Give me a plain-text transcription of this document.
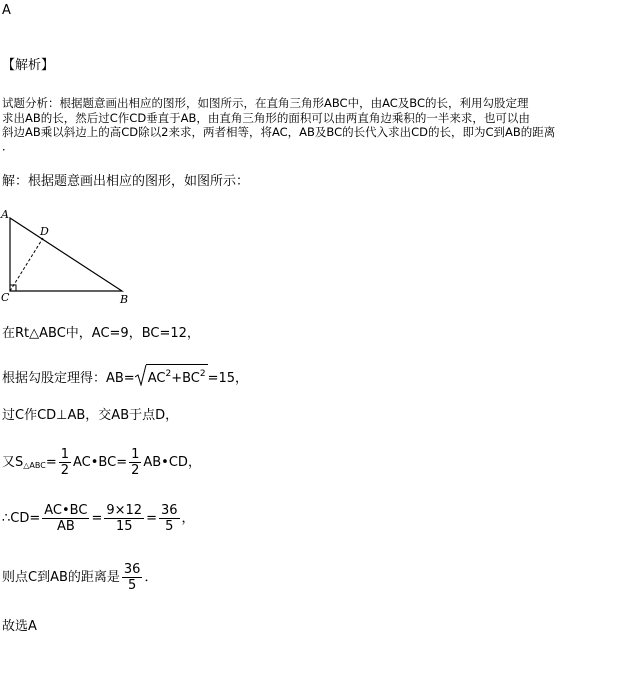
A
【解析】
试题分析：根据题意画出相应的图形，如图所示，在直角三角形ABC中，由AC及BC的长，利用勾股定理
求出AB的长，然后过C作CD垂直于AB，由直角三角形的面积可以由两直角边乘积的一半来求，也可以由
斜边AB乘以斜边上的高CD除以2来求，两者相等，将AC，AB及BC的长代入求出CD的长，即为C到AB的距离
．
解：根据题意画出相应的图形，如图所示：
A
C	B
D
在Rt△ABC中，AC=9，BC=12，
根据勾股定理得：$AB= AC^2+BC^2 =15$，
过C作CD⊥AB，交AB于点D，
又$S_{\triangle ABC}= \frac{1}{2}$ AC•BC= $\frac{1}{2}$ AB•CD，
∴CD= $\frac{AC•BC}{AB} = \frac{9\times 12}{15} = \frac{36}{5}$ ，
则点C到AB的距离是 $\frac{36}{5}$ ．
故选A
